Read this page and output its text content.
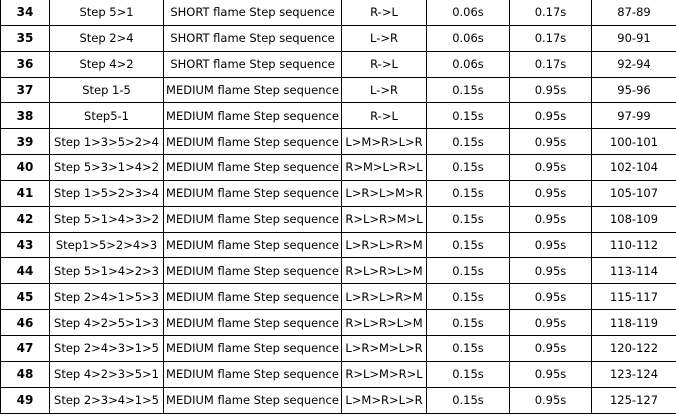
34	Step 5>1	SHORT flame Step sequence	R->L	0.06s	0.17s	87-89
35	Step 2>4	SHORT flame Step sequence	L->R	0.06s	0.17s	90-91
36	Step 4>2	SHORT flame Step sequence	R->L	0.06s	0.17s	92-94
37	Step 1-5	MEDIUM flame Step sequence	L->R	0.15s	0.95s	95-96
38	Step5-1	MEDIUM flame Step sequence	R->L	0.15s	0.95s	97-99
39	Step 1>3>5>2>4	MEDIUM flame Step sequence	L>M>R>L>R	0.15s	0.95s	100-101
40	Step 5>3>1>4>2	MEDIUM flame Step sequence	R>M>L>R>L	0.15s	0.95s	102-104
41	Step 1>5>2>3>4	MEDIUM flame Step sequence	L>R>L>M>R	0.15s	0.95s	105-107
42	Step 5>1>4>3>2	MEDIUM flame Step sequence	R>L>R>M>L	0.15s	0.95s	108-109
43	Step1>5>2>4>3	MEDIUM flame Step sequence	L>R>L>R>M	0.15s	0.95s	110-112
44	Step 5>1>4>2>3	MEDIUM flame Step sequence	R>L>R>L>M	0.15s	0.95s	113-114
45	Step 2>4>1>5>3	MEDIUM flame Step sequence	L>R>L>R>M	0.15s	0.95s	115-117
46	Step 4>2>5>1>3	MEDIUM flame Step sequence	R>L>R>L>M	0.15s	0.95s	118-119
47	Step 2>4>3>1>5	MEDIUM flame Step sequence	L>R>M>L>R	0.15s	0.95s	120-122
48	Step 4>2>3>5>1	MEDIUM flame Step sequence	R>L>M>R>L	0.15s	0.95s	123-124
49	Step 2>3>4>1>5	MEDIUM flame Step sequence	L>M>R>L>R	0.15s	0.95s	125-127
